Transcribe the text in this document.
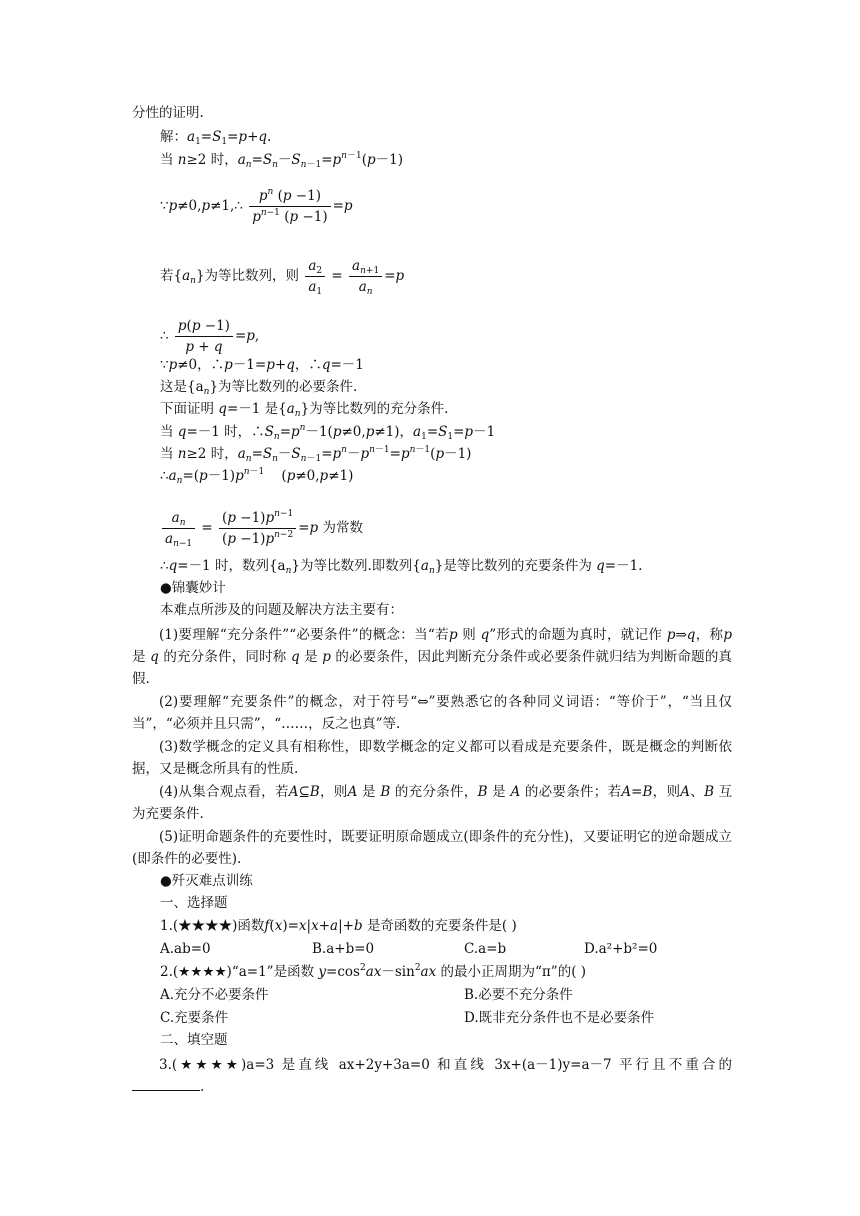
分性的证明.
解：$a_1=S_1=p+q$.
当 n≥2 时，$a_n=S_n-S_{n-1}=p^{n-1}(p-1)$
∵p≠0,p≠1,∴ $\frac{p^n (p -1)}{p^{n-1} (p -1)} =p$
若$\{a_n\}$为等比数列，则 $\frac{a_2}{a_1} = \frac{a_{n+1}}{a_n} =p$
∴ $\frac{p(p -1)}{p + q} =p$,
∵p≠0，∴p－1=p+q，∴q=－1
这是$\{a_n\}$为等比数列的必要条件.
下面证明 q=－1 是$\{a_n\}$为等比数列的充分条件.
当 q=－1 时，$\therefore S_n=p^n-1(p\ne 0,p\ne 1)$，$a_1=S_1=p-1$
当 n≥2 时，$a_n=S_n-S_{n-1}=p^n-p^{n-1}=p^{n-1}(p-1)$
$\therefore a_n=(p-1)p^{n-1}$    (p≠0,p≠1)
$\frac{a_n}{a_{n-1}} = \frac{(p -1)p^{n-1}}{(p -1)p^{n-2}} =p$ 为常数
∴q=－1 时，数列$\{a_n\}$为等比数列.即数列$\{a_n\}$是等比数列的充要条件为 q=－1.
●锦囊妙计
本难点所涉及的问题及解决方法主要有：
(1)要理解“充分条件”“必要条件”的概念：当“若p 则 q”形式的命题为真时，就记作 p⇒q，称p 是 q 的充分条件，同时称 q 是 p 的必要条件，因此判断充分条件或必要条件就归结为判断命题的真假.
(2)要理解“充要条件”的概念，对于符号“⇔”要熟悉它的各种同义词语：“等价于”，“当且仅当”，“必须并且只需”，“……，反之也真”等.
(3)数学概念的定义具有相称性，即数学概念的定义都可以看成是充要条件，既是概念的判断依据，又是概念所具有的性质.
(4)从集合观点看，若A⊆B，则A 是 B 的充分条件，B 是 A 的必要条件；若A=B，则A、B 互为充要条件.
(5)证明命题条件的充要性时，既要证明原命题成立(即条件的充分性)，又要证明它的逆命题成立(即条件的必要性).
●歼灭难点训练
一、选择题
1.(★★★★)函数f(x)=x|x+a|+b 是奇函数的充要条件是( )
A.ab=0	B.a+b=0	C.a=b	D.a²+b²=0
2.(★★★★)“a=1”是函数 $y=\cos^2ax-\sin^2ax$ 的最小正周期为“π”的( )
A.充分不必要条件	B.必要不充分条件
C.充要条件	D.既非充分条件也不是必要条件
二、填空题
3.(★★★★)a=3 是直线 ax+2y+3a=0 和直线 3x+(a－1)y=a－7 平行且不重合的.
